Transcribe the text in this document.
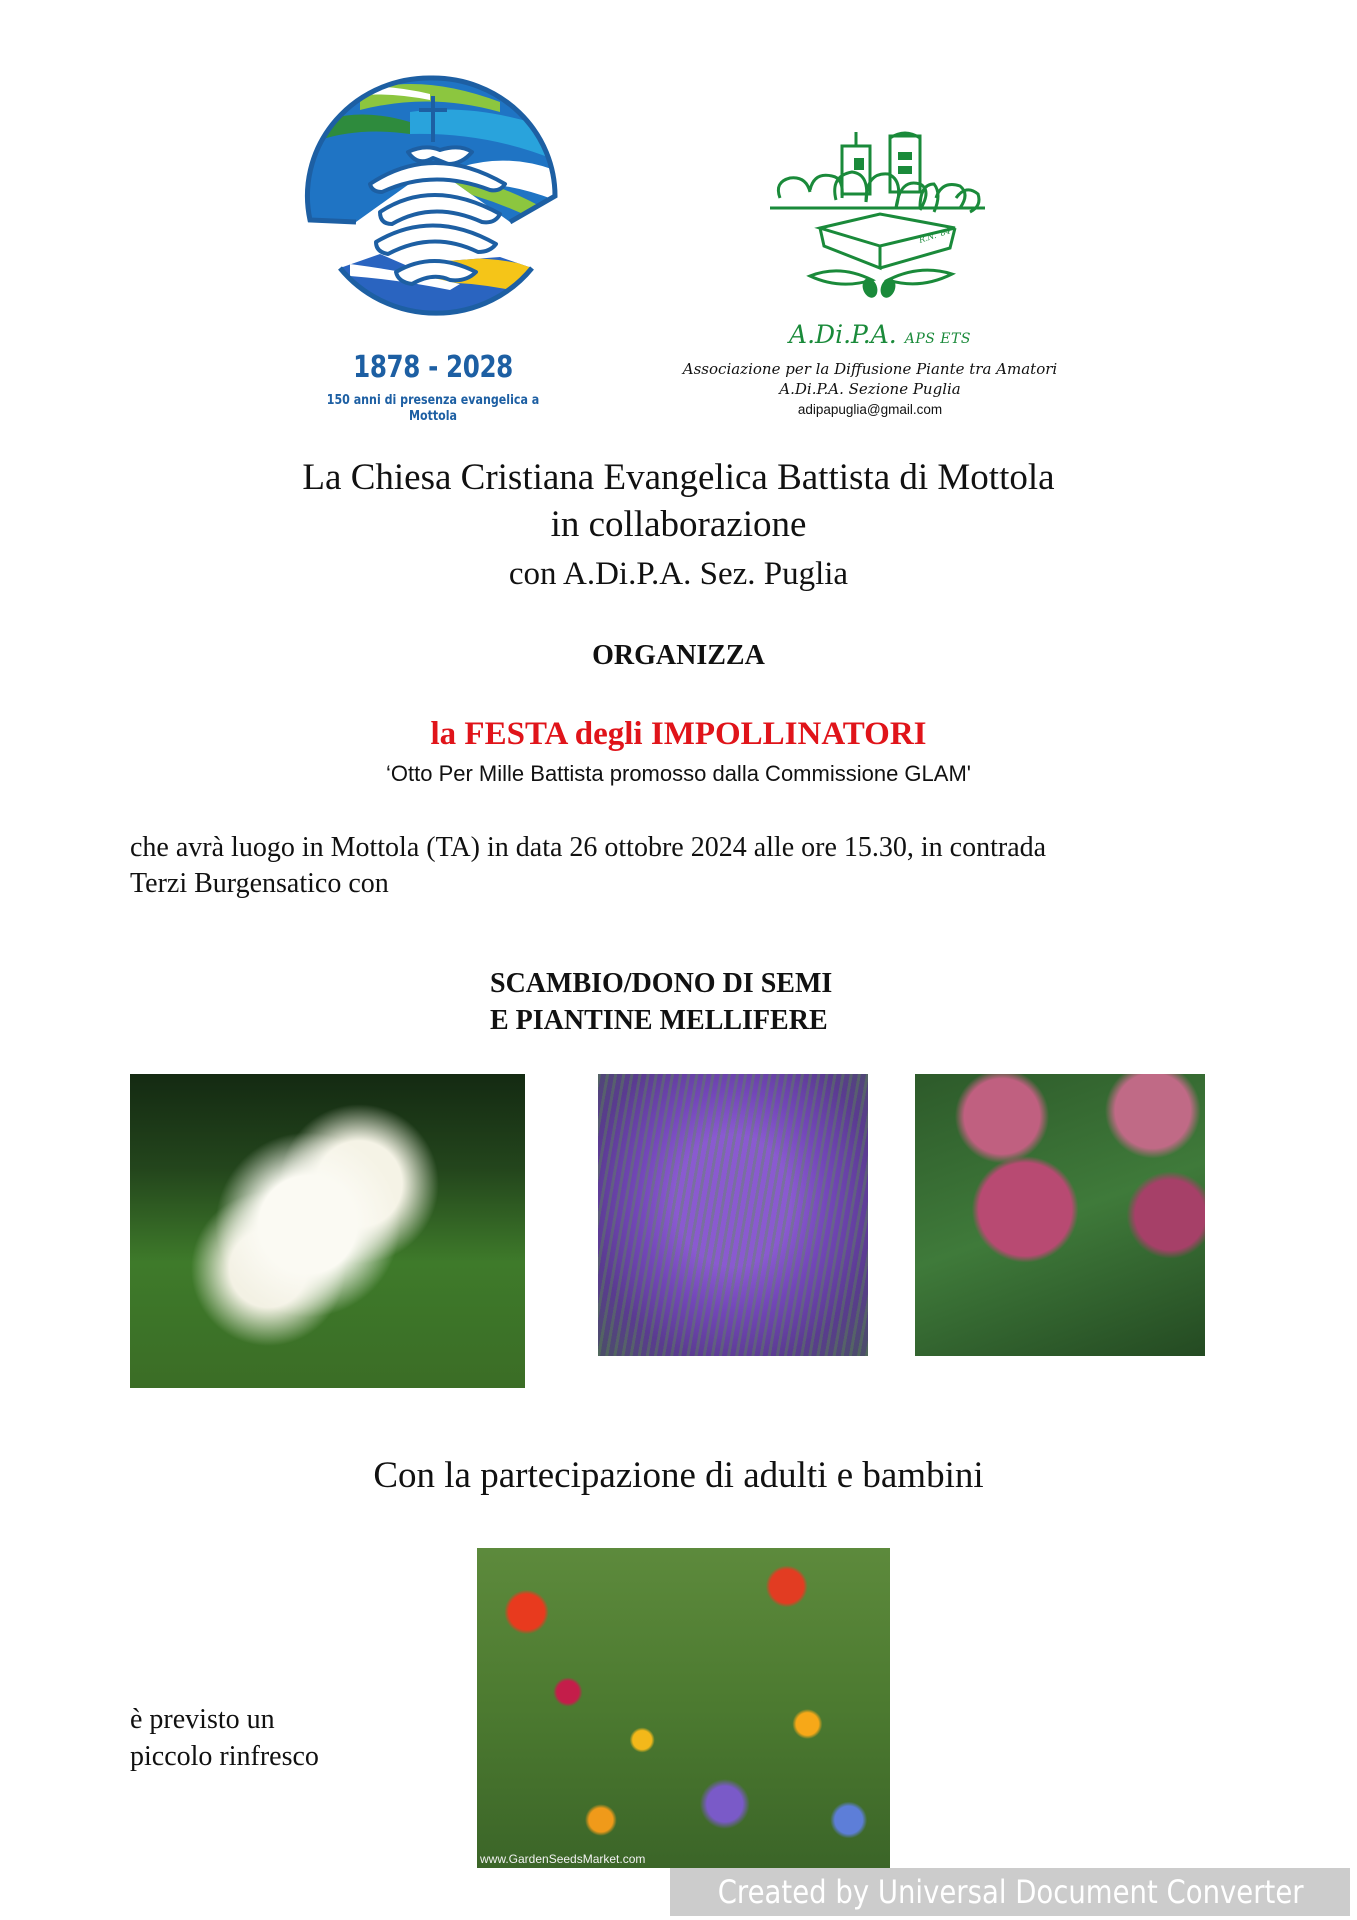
1878 - 2028
150 anni di presenza evangelica a Mottola
R.N. '84
A.Di.P.A. APS ETS
Associazione per la Diffusione Piante tra Amatori
A.Di.P.A. Sezione Puglia
adipapuglia@gmail.com
La Chiesa Cristiana Evangelica Battista di Mottola
in collaborazione
con A.Di.P.A. Sez. Puglia
ORGANIZZA
la FESTA degli IMPOLLINATORI
‘Otto Per Mille Battista promosso dalla Commissione GLAM'
che avrà luogo in Mottola (TA) in data 26 ottobre 2024 alle ore 15.30, in contrada
Terzi Burgensatico con
SCAMBIO/DONO DI SEMI
E PIANTINE MELLIFERE
Con la partecipazione di adulti e bambini
è previsto un
piccolo rinfresco
www.GardenSeedsMarket.com
Created by Universal Document Converter
